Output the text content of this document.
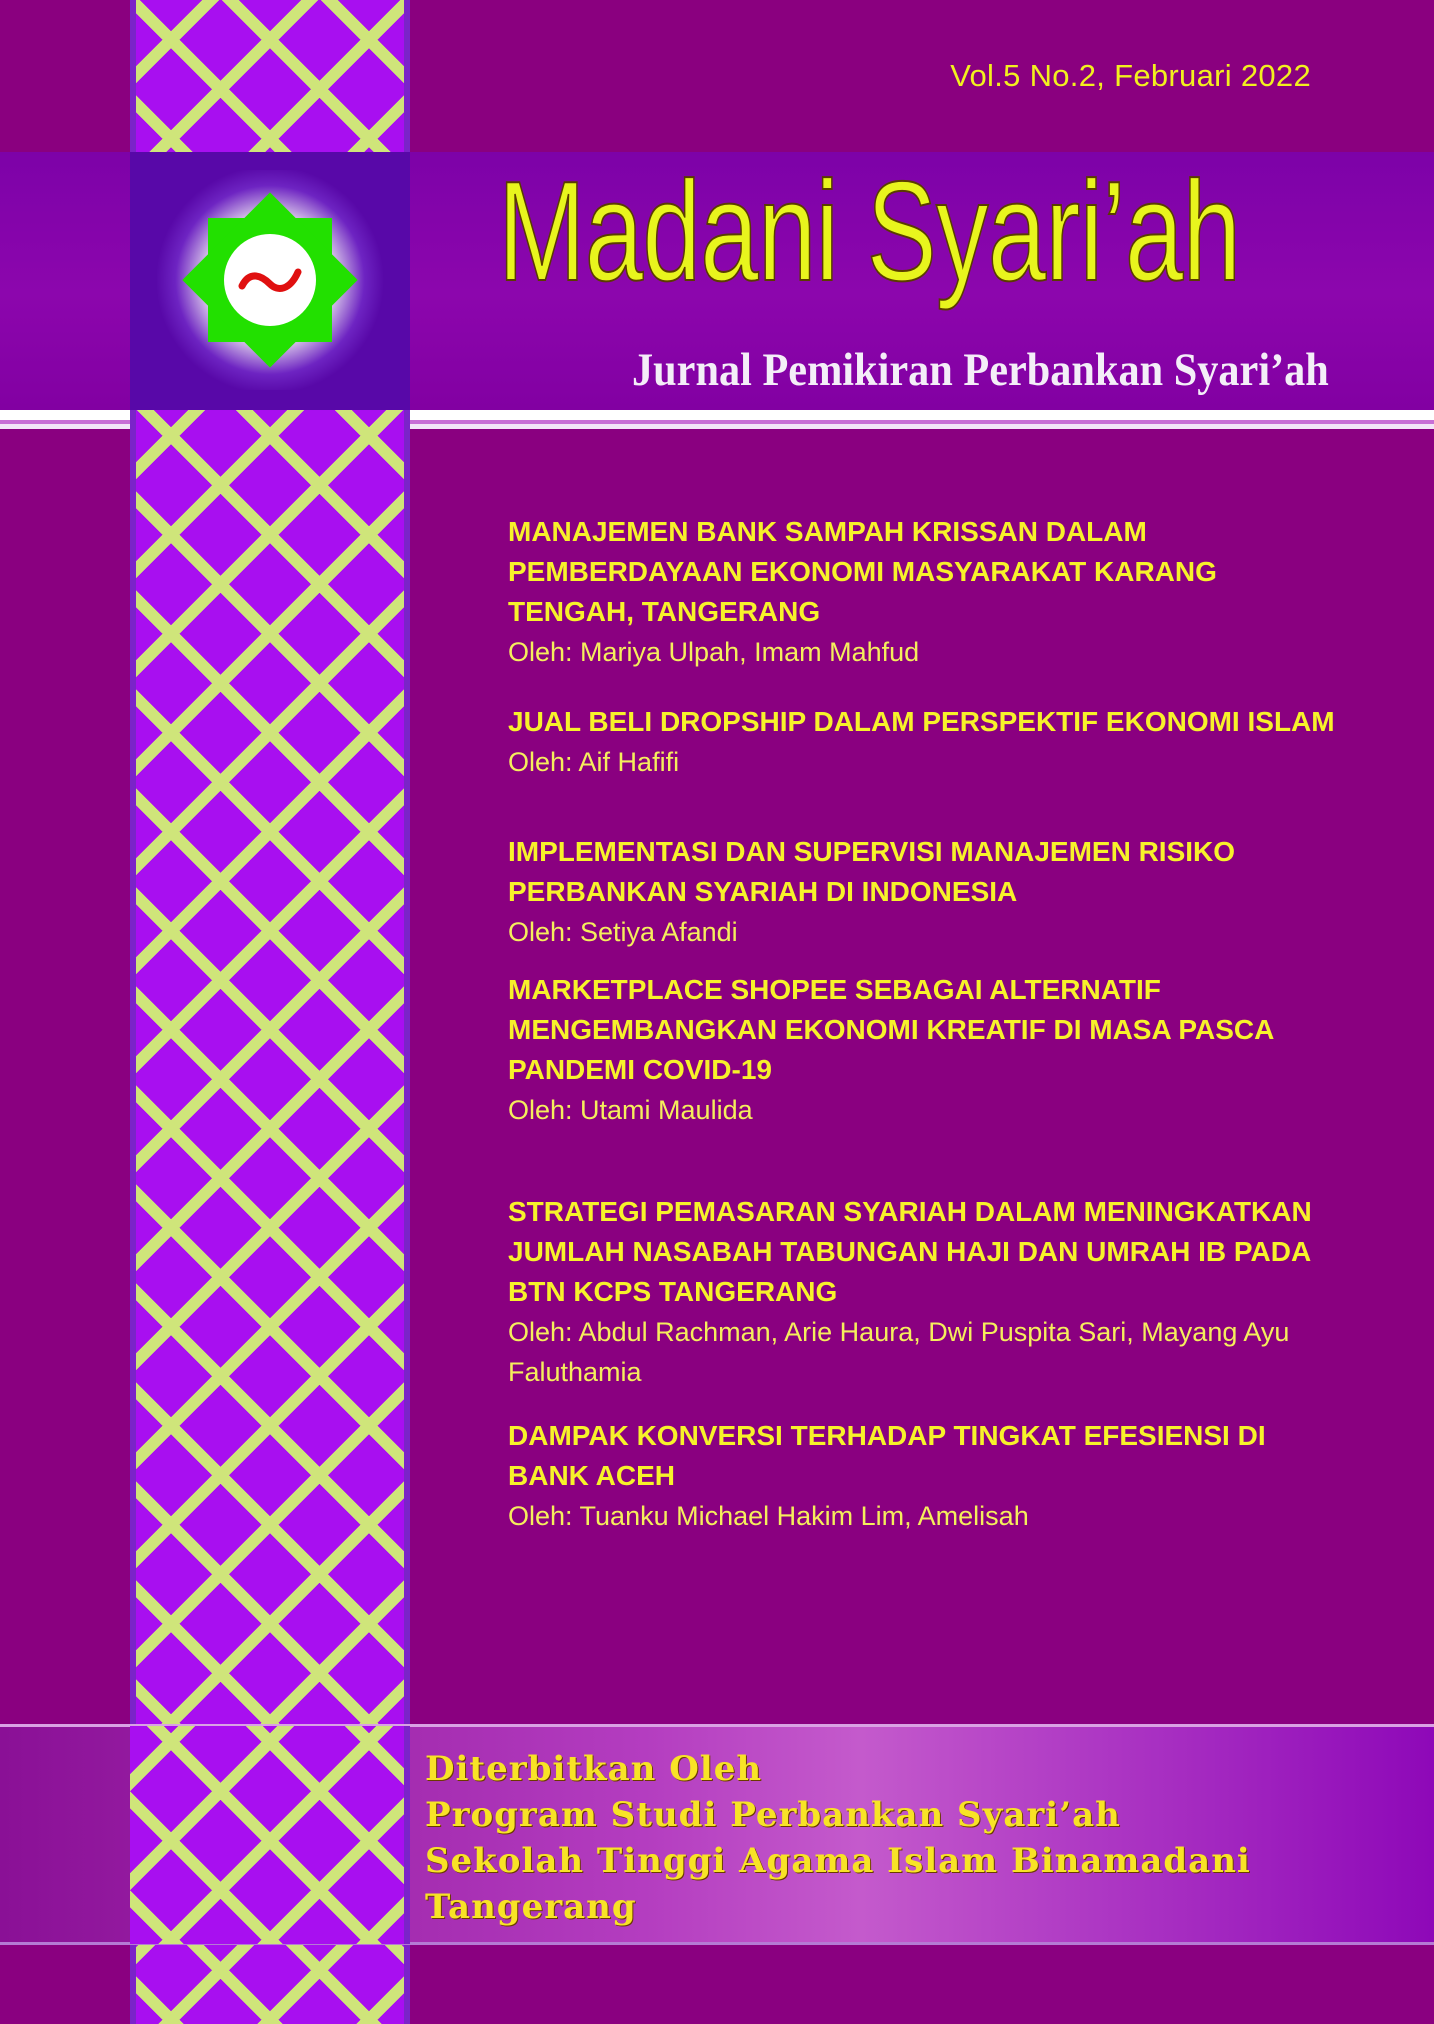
Vol.5 No.2, Februari 2022
Madani Syari’ah
Jurnal Pemikiran Perbankan Syari’ah
MANAJEMEN BANK SAMPAH KRISSAN DALAM
PEMBERDAYAAN EKONOMI MASYARAKAT KARANG
TENGAH, TANGERANG
Oleh: Mariya Ulpah, Imam Mahfud
JUAL BELI DROPSHIP DALAM PERSPEKTIF EKONOMI ISLAM
Oleh: Aif Hafifi
IMPLEMENTASI DAN SUPERVISI MANAJEMEN RISIKO
PERBANKAN SYARIAH DI INDONESIA
Oleh: Setiya Afandi
MARKETPLACE SHOPEE SEBAGAI ALTERNATIF
MENGEMBANGKAN EKONOMI KREATIF DI MASA PASCA
PANDEMI COVID-19
Oleh: Utami Maulida
STRATEGI PEMASARAN SYARIAH DALAM MENINGKATKAN
JUMLAH NASABAH TABUNGAN HAJI DAN UMRAH IB PADA
BTN KCPS TANGERANG
Oleh: Abdul Rachman, Arie Haura, Dwi Puspita Sari, Mayang Ayu
Faluthamia
DAMPAK KONVERSI TERHADAP TINGKAT EFESIENSI DI
BANK ACEH
Oleh: Tuanku Michael Hakim Lim, Amelisah
Diterbitkan Oleh
Program Studi Perbankan Syari’ah
Sekolah Tinggi Agama Islam Binamadani
Tangerang
